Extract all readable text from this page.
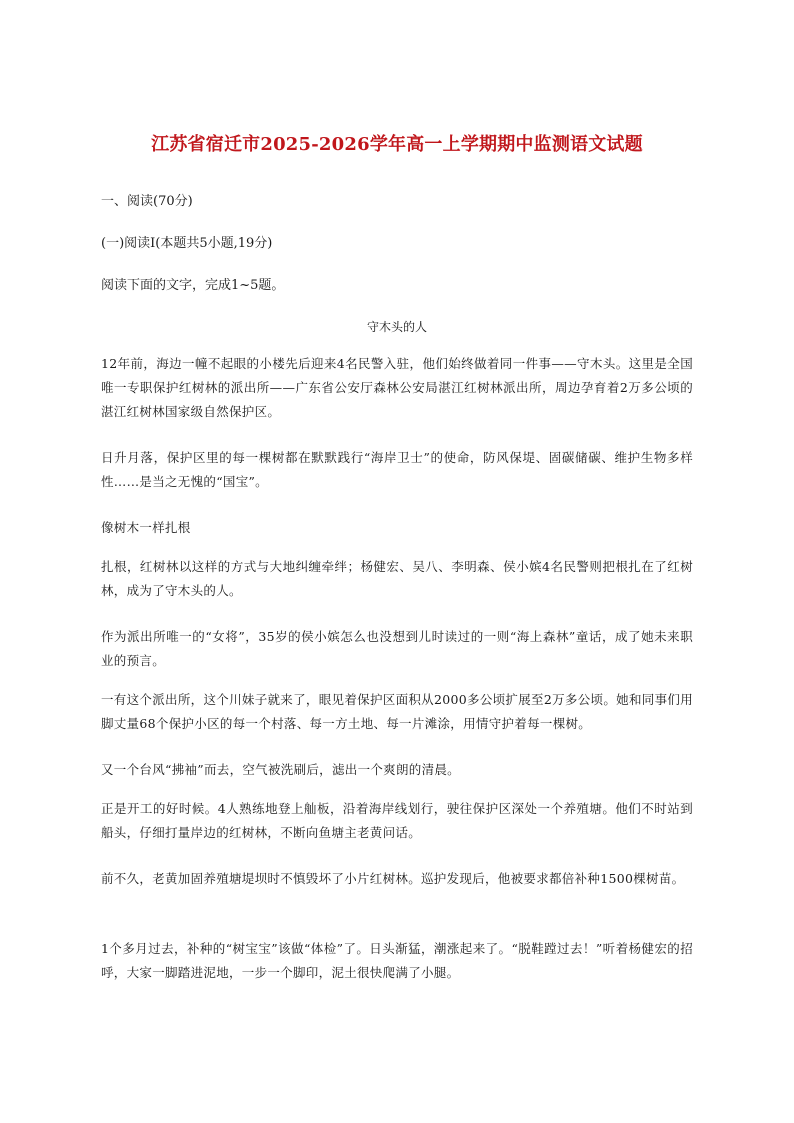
江苏省宿迁市2025-2026学年高一上学期期中监测语文试题
一、阅读(70分)
(一)阅读Ⅰ(本题共5小题,19分)
阅读下面的文字，完成1~5题。
守木头的人
12年前，海边一幢不起眼的小楼先后迎来4名民警入驻，他们始终做着同一件事——守木头。这里是全国唯一专职保护红树林的派出所——广东省公安厅森林公安局湛江红树林派出所，周边孕育着2万多公顷的湛江红树林国家级自然保护区。
日升月落，保护区里的每一棵树都在默默践行“海岸卫士”的使命，防风保堤、固碳储碳、维护生物多样性……是当之无愧的“国宝”。
像树木一样扎根
扎根，红树林以这样的方式与大地纠缠牵绊；杨健宏、吴八、李明森、侯小嫔4名民警则把根扎在了红树林，成为了守木头的人。
作为派出所唯一的“女将”，35岁的侯小嫔怎么也没想到儿时读过的一则“海上森林”童话，成了她未来职业的预言。
一有这个派出所，这个川妹子就来了，眼见着保护区面积从2000多公顷扩展至2万多公顷。她和同事们用脚丈量68个保护小区的每一个村落、每一方土地、每一片滩涂，用情守护着每一棵树。
又一个台风“拂袖”而去，空气被洗刷后，滤出一个爽朗的清晨。
正是开工的好时候。4人熟练地登上舢板，沿着海岸线划行，驶往保护区深处一个养殖塘。他们不时站到船头，仔细打量岸边的红树林，不断向鱼塘主老黄问话。
前不久，老黄加固养殖塘堤坝时不慎毁坏了小片红树林。巡护发现后，他被要求都倍补种1500棵树苗。
1个多月过去，补种的“树宝宝”该做“体检”了。日头渐猛，潮涨起来了。“脱鞋蹚过去！”听着杨健宏的招呼，大家一脚踏进泥地，一步一个脚印，泥土很快爬满了小腿。
